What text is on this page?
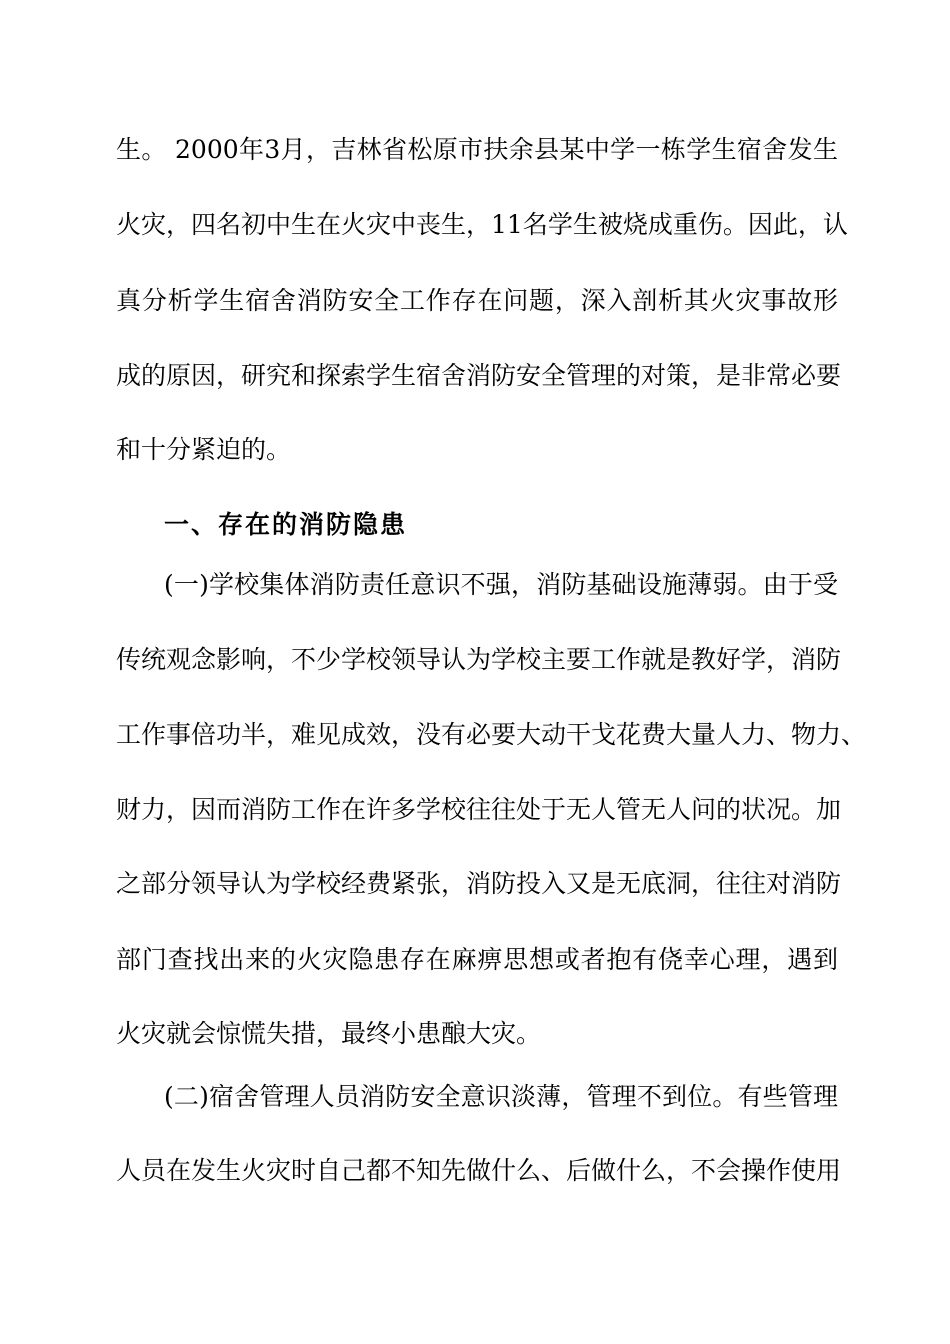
生。 2000年3月，吉林省松原市扶余县某中学一栋学生宿舍发生
火灾，四名初中生在火灾中丧生，11名学生被烧成重伤。因此，认
真分析学生宿舍消防安全工作存在问题，深入剖析其火灾事故形
成的原因，研究和探索学生宿舍消防安全管理的对策，是非常必要
和十分紧迫的。
一、存在的消防隐患
(一)学校集体消防责任意识不强，消防基础设施薄弱。由于受
传统观念影响，不少学校领导认为学校主要工作就是教好学，消防
工作事倍功半，难见成效，没有必要大动干戈花费大量人力、物力、
财力，因而消防工作在许多学校往往处于无人管无人问的状况。加
之部分领导认为学校经费紧张，消防投入又是无底洞，往往对消防
部门查找出来的火灾隐患存在麻痹思想或者抱有侥幸心理，遇到
火灾就会惊慌失措，最终小患酿大灾。
(二)宿舍管理人员消防安全意识淡薄，管理不到位。有些管理
人员在发生火灾时自己都不知先做什么、后做什么，不会操作使用
